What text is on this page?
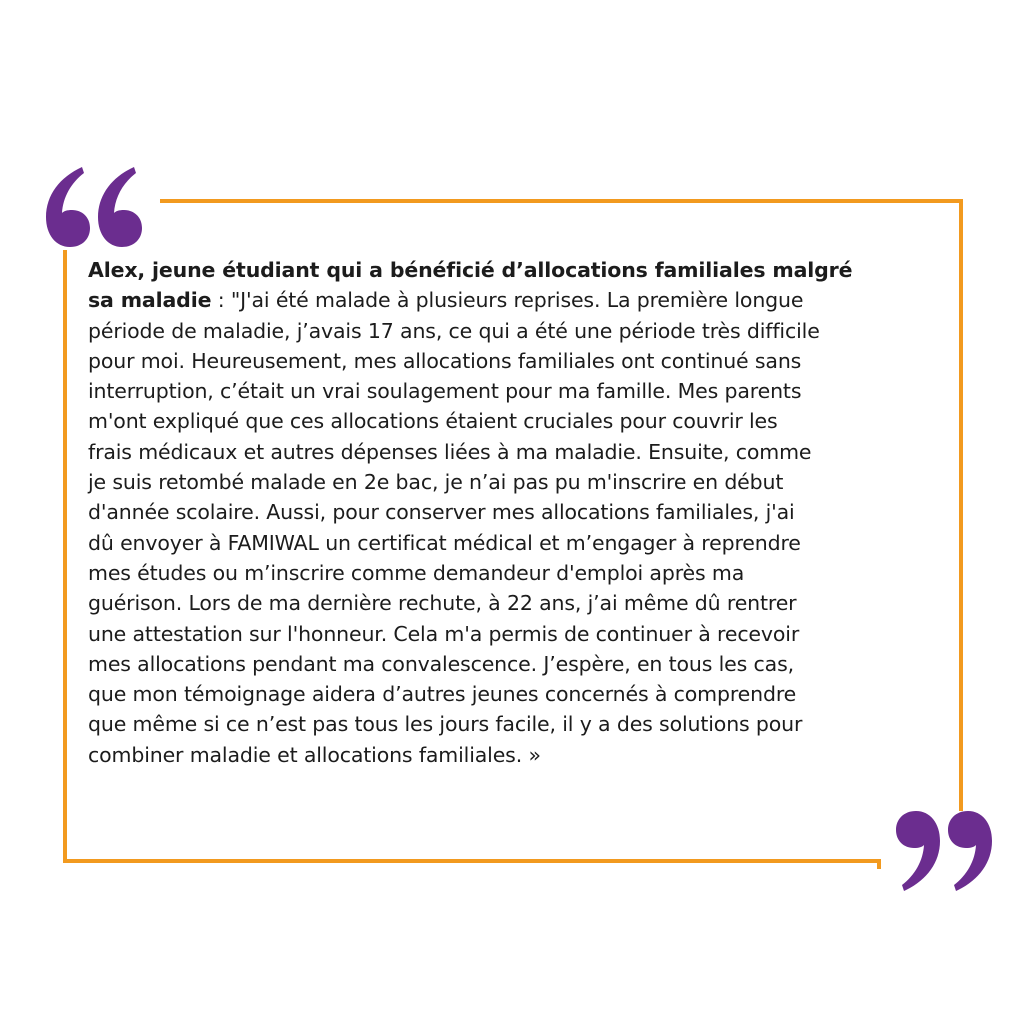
Alex, jeune étudiant qui a bénéficié d’allocations familiales malgré
sa maladie : "J'ai été malade à plusieurs reprises. La première longue
période de maladie, j’avais 17 ans, ce qui a été une période très difficile
pour moi. Heureusement, mes allocations familiales ont continué sans
interruption, c’était un vrai soulagement pour ma famille. Mes parents
m'ont expliqué que ces allocations étaient cruciales pour couvrir les
frais médicaux et autres dépenses liées à ma maladie. Ensuite, comme
je suis retombé malade en 2e bac, je n’ai pas pu m'inscrire en début
d'année scolaire. Aussi, pour conserver mes allocations familiales, j'ai
dû envoyer à FAMIWAL un certificat médical et m’engager à reprendre
mes études ou m’inscrire comme demandeur d'emploi après ma
guérison. Lors de ma dernière rechute, à 22 ans, j’ai même dû rentrer
une attestation sur l'honneur. Cela m'a permis de continuer à recevoir
mes allocations pendant ma convalescence. J’espère, en tous les cas,
que mon témoignage aidera d’autres jeunes concernés à comprendre
que même si ce n’est pas tous les jours facile, il y a des solutions pour
combiner maladie et allocations familiales. »
